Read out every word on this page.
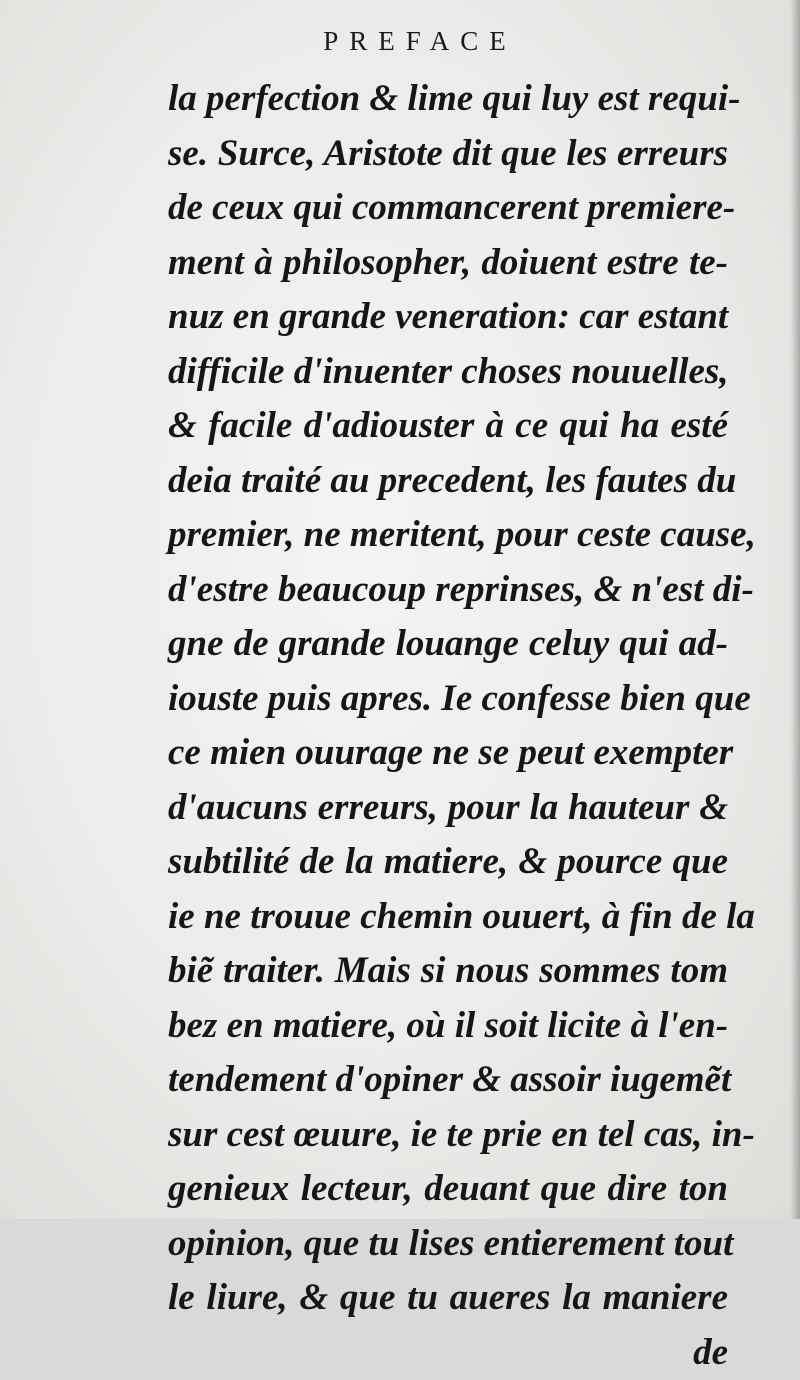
PREFACE
la perfection & lime qui luy est requi-
se. Surce, Aristote dit que les erreurs
de ceux qui commancerent premiere-
ment à philosopher, doiuent estre te-
nuz en grande veneration: car estant
difficile d'inuenter choses nouuelles,
& facile d'adiouster à ce qui ha esté
deia traité au precedent, les fautes du
premier, ne meritent, pour ceste cause,
d'estre beaucoup reprinses, & n'est di-
gne de grande louange celuy qui ad-
iouste puis apres. Ie confesse bien que
ce mien ouurage ne se peut exempter
d'aucuns erreurs, pour la hauteur &
subtilité de la matiere, & pource que
ie ne trouue chemin ouuert, à fin de la
biẽ traiter. Mais si nous sommes tom
bez en matiere, où il soit licite à l'en-
tendement d'opiner & assoir iugemẽt
sur cest œuure, ie te prie en tel cas, in-
genieux lecteur, deuant que dire ton
opinion, que tu lises entierement tout
le liure, & que tu aueres la maniere
de
